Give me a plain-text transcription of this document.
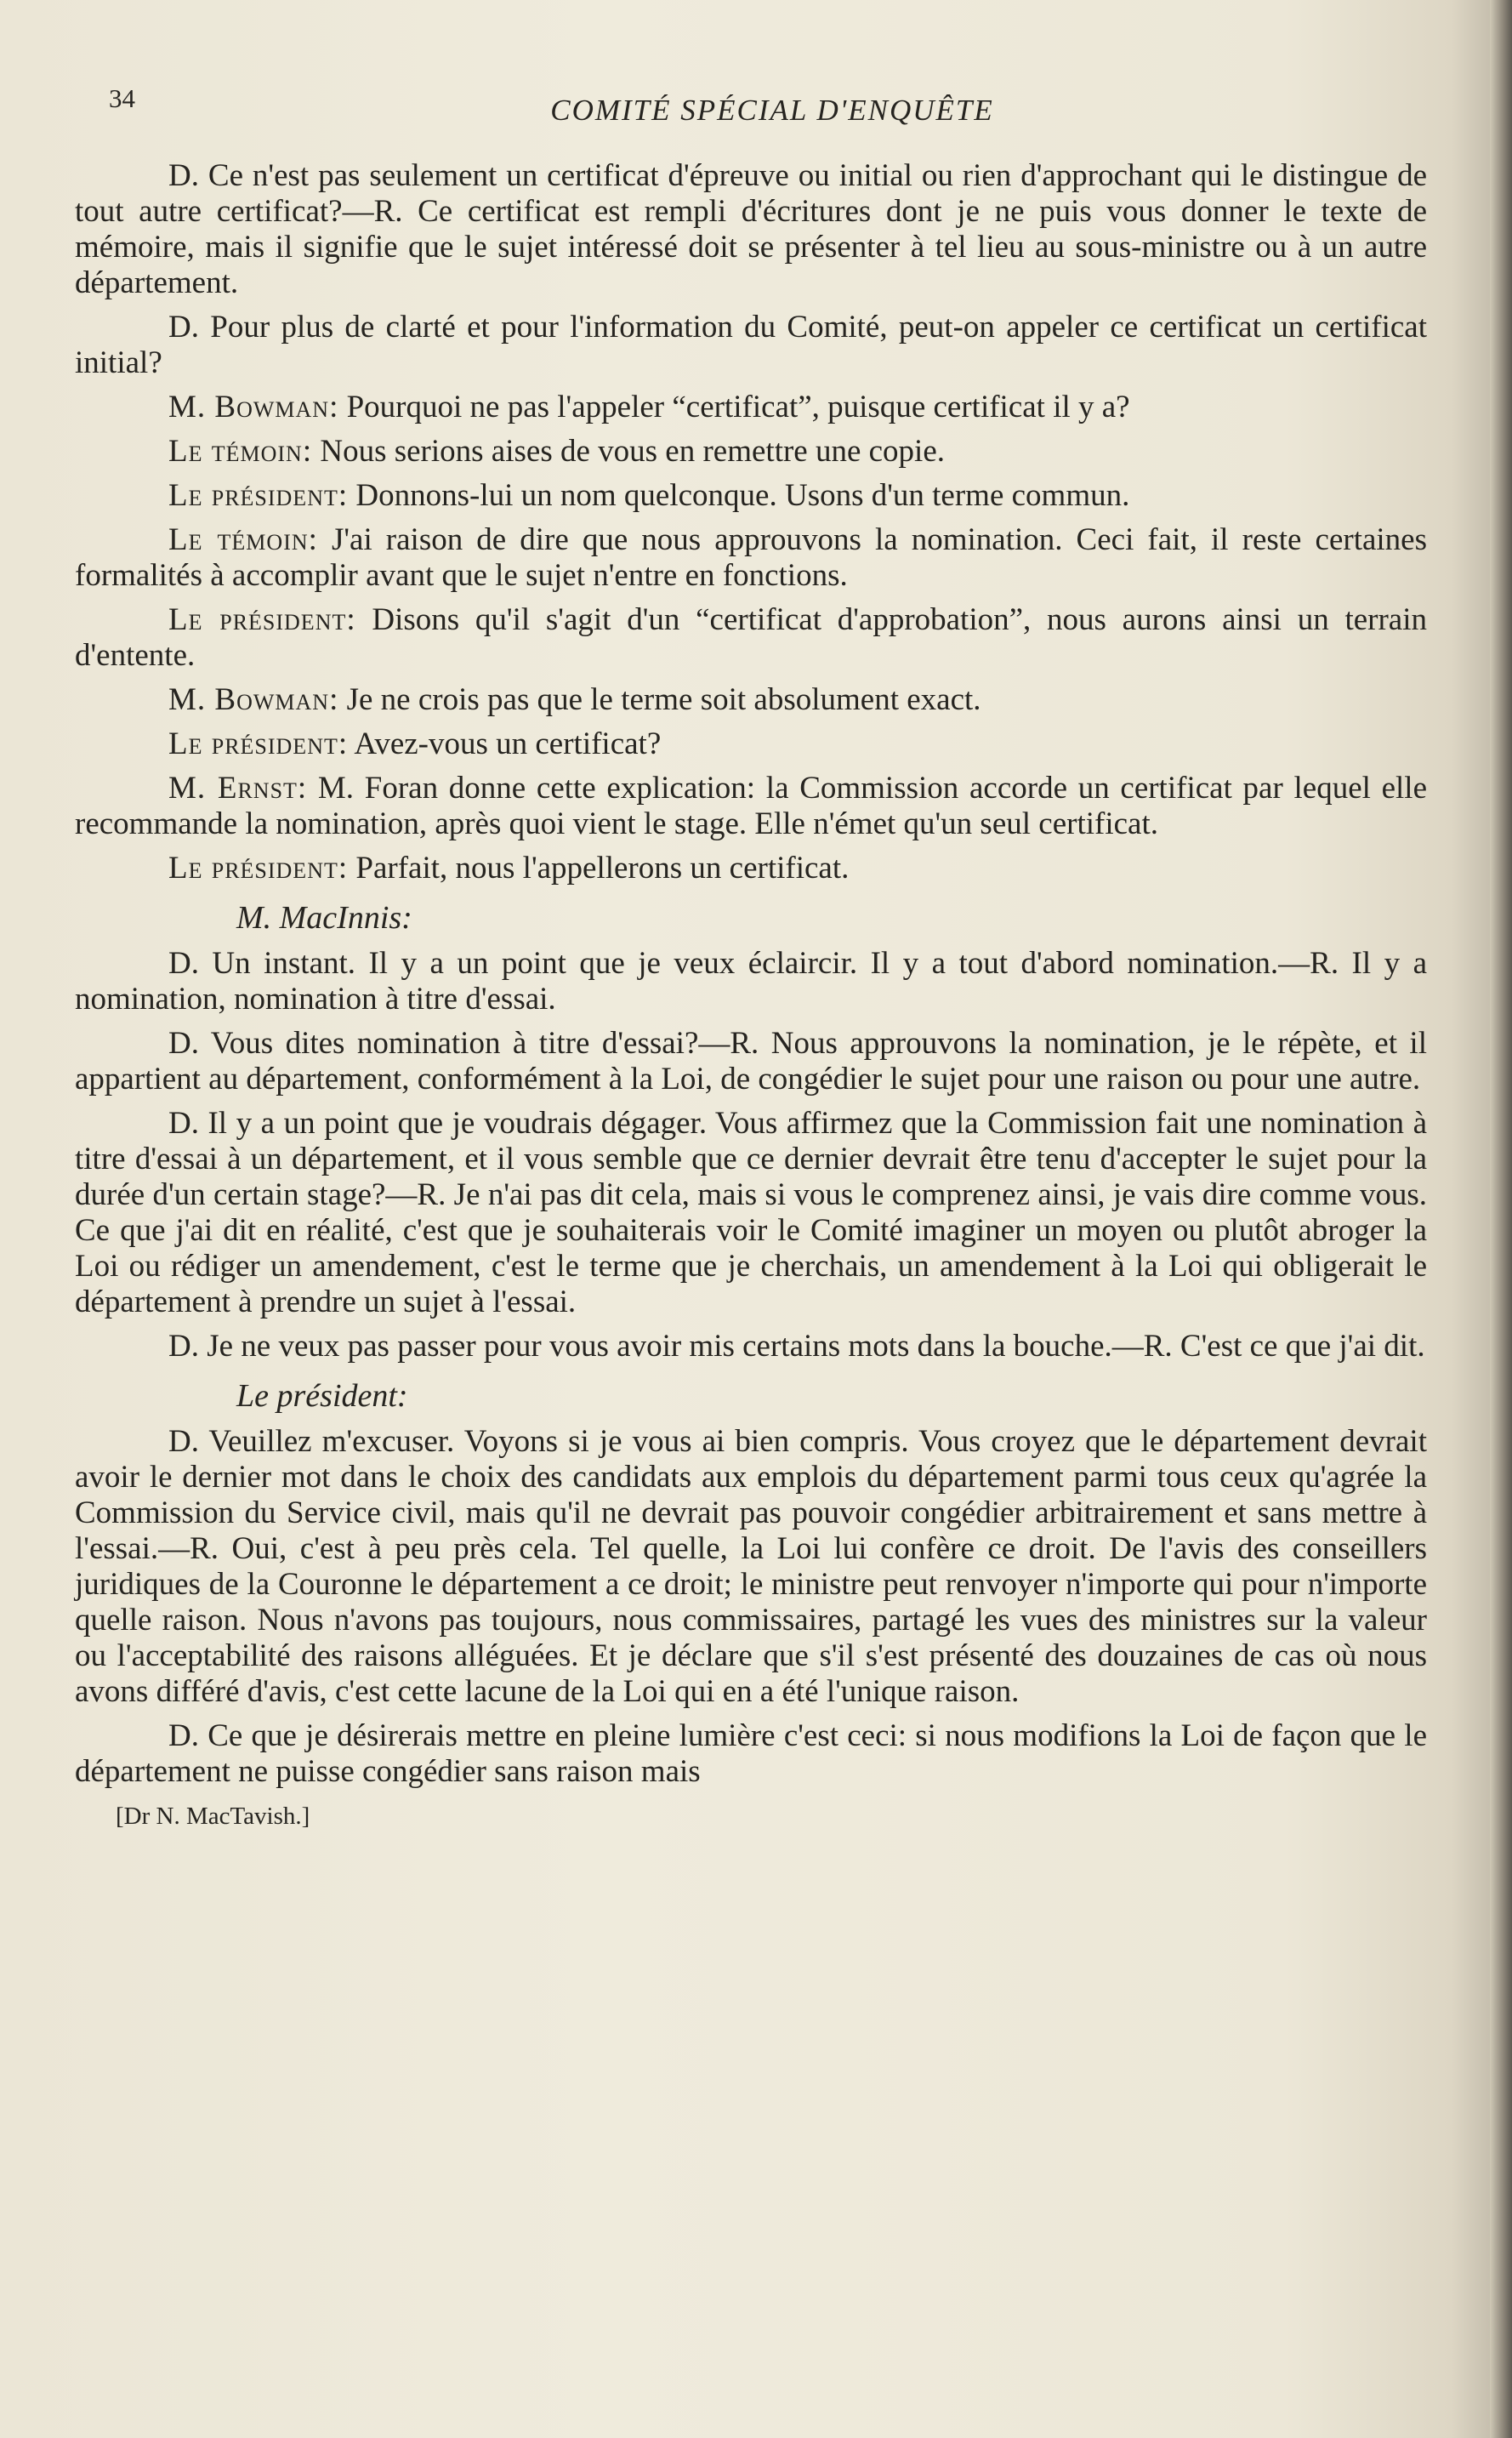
34	COMITÉ SPÉCIAL D'ENQUÊTE

D. Ce n'est pas seulement un certificat d'épreuve ou initial ou rien d'approchant qui le distingue de tout autre certificat?—R. Ce certificat est rempli d'écritures dont je ne puis vous donner le texte de mémoire, mais il signifie que le sujet intéressé doit se présenter à tel lieu au sous-ministre ou à un autre département.

D. Pour plus de clarté et pour l'information du Comité, peut-on appeler ce certificat un certificat initial?

M. Bowman: Pourquoi ne pas l'appeler “certificat”, puisque certificat il y a?

Le témoin: Nous serions aises de vous en remettre une copie.

Le président: Donnons-lui un nom quelconque. Usons d'un terme commun.

Le témoin: J'ai raison de dire que nous approuvons la nomination. Ceci fait, il reste certaines formalités à accomplir avant que le sujet n'entre en fonctions.

Le président: Disons qu'il s'agit d'un “certificat d'approbation”, nous aurons ainsi un terrain d'entente.

M. Bowman: Je ne crois pas que le terme soit absolument exact.

Le président: Avez-vous un certificat?

M. Ernst: M. Foran donne cette explication: la Commission accorde un certificat par lequel elle recommande la nomination, après quoi vient le stage. Elle n'émet qu'un seul certificat.

Le président: Parfait, nous l'appellerons un certificat.

M. MacInnis:

D. Un instant. Il y a un point que je veux éclaircir. Il y a tout d'abord nomination.—R. Il y a nomination, nomination à titre d'essai.

D. Vous dites nomination à titre d'essai?—R. Nous approuvons la nomination, je le répète, et il appartient au département, conformément à la Loi, de congédier le sujet pour une raison ou pour une autre.

D. Il y a un point que je voudrais dégager. Vous affirmez que la Commission fait une nomination à titre d'essai à un département, et il vous semble que ce dernier devrait être tenu d'accepter le sujet pour la durée d'un certain stage?—R. Je n'ai pas dit cela, mais si vous le comprenez ainsi, je vais dire comme vous. Ce que j'ai dit en réalité, c'est que je souhaiterais voir le Comité imaginer un moyen ou plutôt abroger la Loi ou rédiger un amendement, c'est le terme que je cherchais, un amendement à la Loi qui obligerait le département à prendre un sujet à l'essai.

D. Je ne veux pas passer pour vous avoir mis certains mots dans la bouche.—R. C'est ce que j'ai dit.

Le président:

D. Veuillez m'excuser. Voyons si je vous ai bien compris. Vous croyez que le département devrait avoir le dernier mot dans le choix des candidats aux emplois du département parmi tous ceux qu'agrée la Commission du Service civil, mais qu'il ne devrait pas pouvoir congédier arbitrairement et sans mettre à l'essai.—R. Oui, c'est à peu près cela. Tel quelle, la Loi lui confère ce droit. De l'avis des conseillers juridiques de la Couronne le département a ce droit; le ministre peut renvoyer n'importe qui pour n'importe quelle raison. Nous n'avons pas toujours, nous commissaires, partagé les vues des ministres sur la valeur ou l'acceptabilité des raisons alléguées. Et je déclare que s'il s'est présenté des douzaines de cas où nous avons différé d'avis, c'est cette lacune de la Loi qui en a été l'unique raison.

D. Ce que je désirerais mettre en pleine lumière c'est ceci: si nous modifions la Loi de façon que le département ne puisse congédier sans raison mais

[Dr N. MacTavish.]
